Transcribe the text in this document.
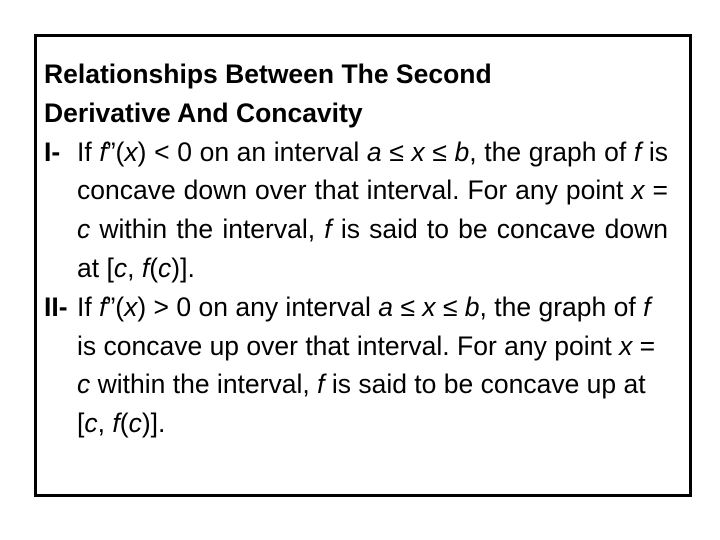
Relationships Between The Second
Derivative And Concavity
I- If f”(x) < 0 on an interval a ≤ x ≤ b, the graph of f is concave down over that interval. For any point x = c within the interval, f is said to be concave down at [c, f(c)].
II- If f”(x) > 0 on any interval a ≤ x ≤ b, the graph of f is concave up over that interval. For any point x = c within the interval, f is said to be concave up at [c, f(c)].
